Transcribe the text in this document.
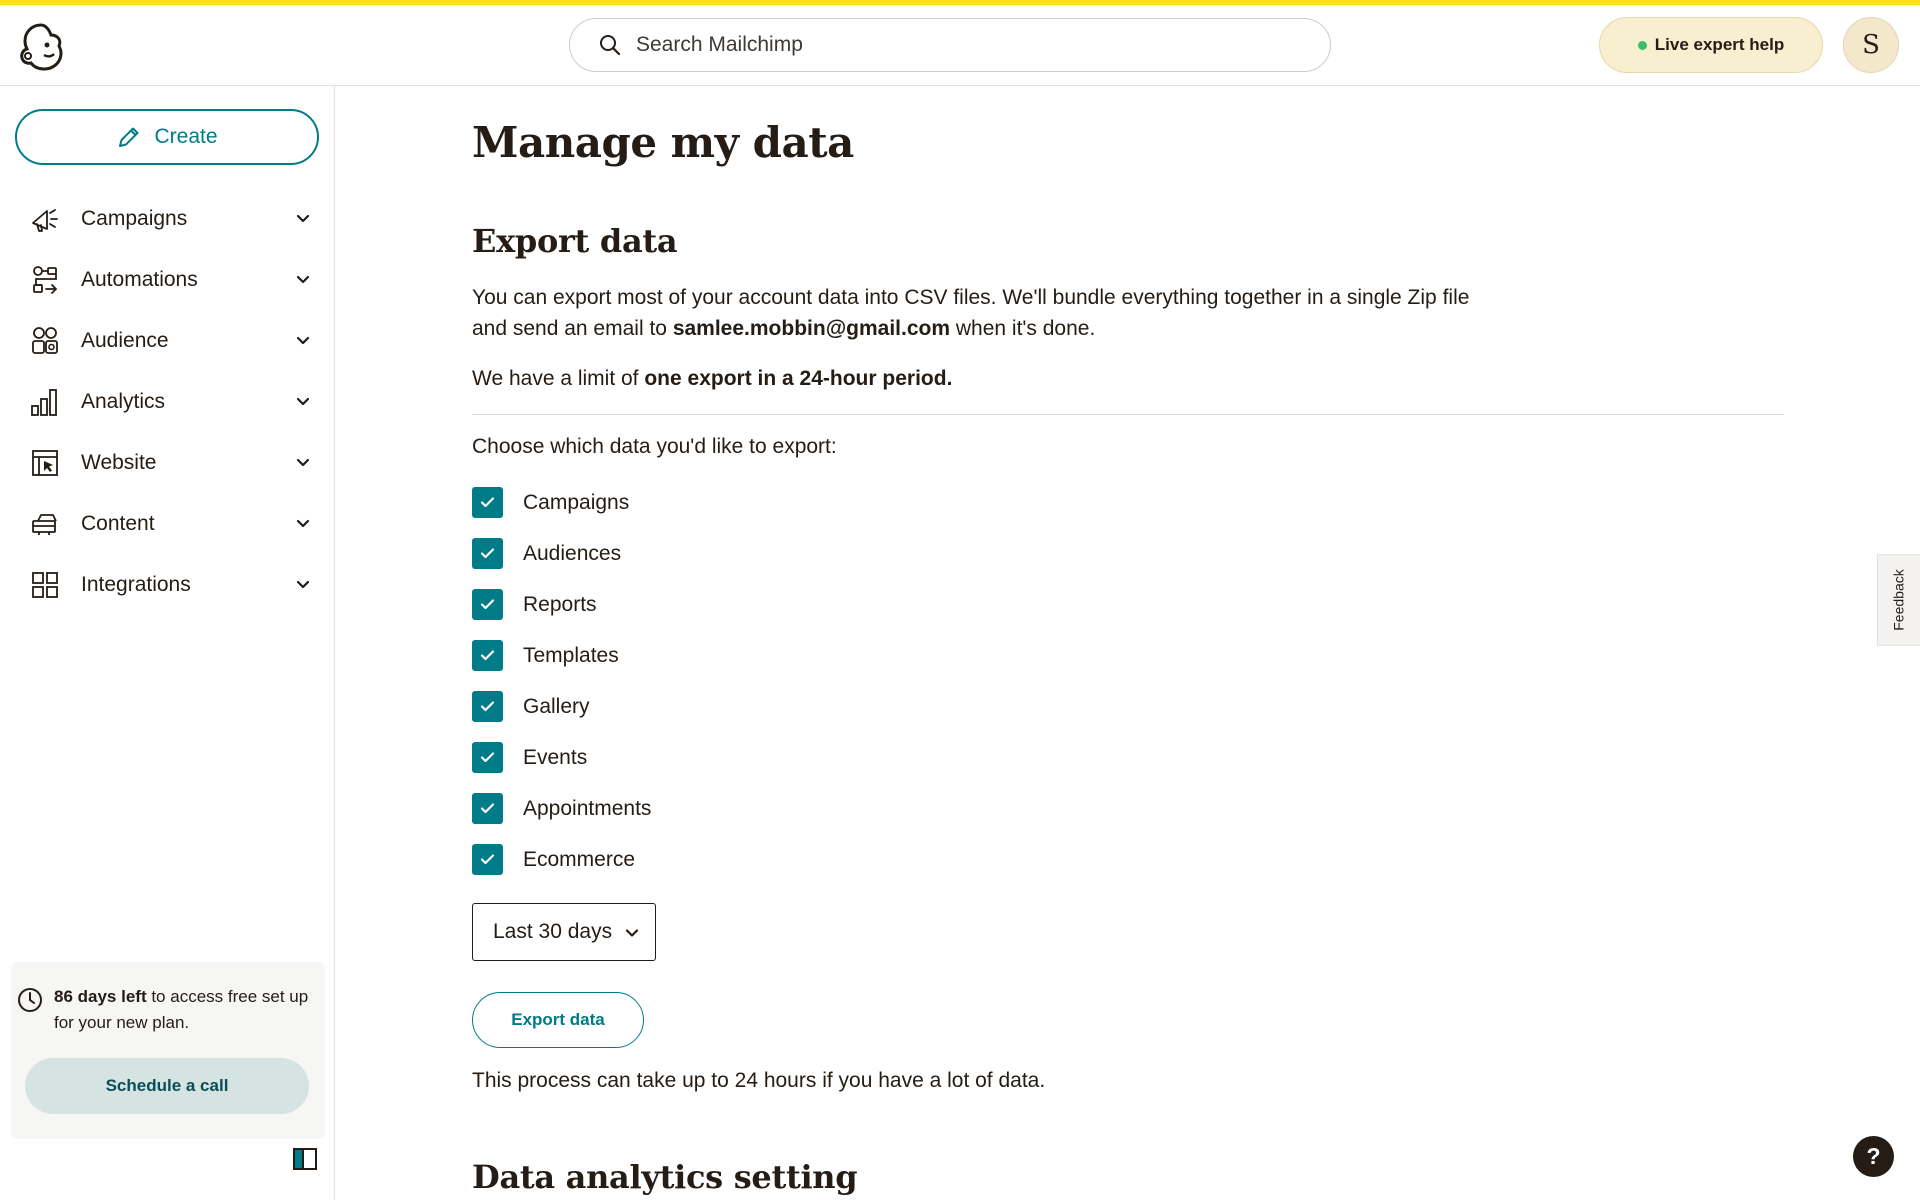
Search Mailchimp
Live expert help	S
Create
Campaigns
Automations
Audience
Analytics
Website
Content
Integrations
86 days left to access free set up for your new plan.
Schedule a call
Manage my data
Export data

You can export most of your account data into CSV files. We'll bundle everything together in a single Zip file and send an email to samlee.mobbin@gmail.com when it's done.

We have a limit of one export in a 24-hour period.

Choose which data you'd like to export:
Campaigns
Audiences
Reports
Templates
Gallery
Events
Appointments
Ecommerce
Last 30 days
Export data

This process can take up to 24 hours if you have a lot of data.

Data analytics setting
Feedback
?
